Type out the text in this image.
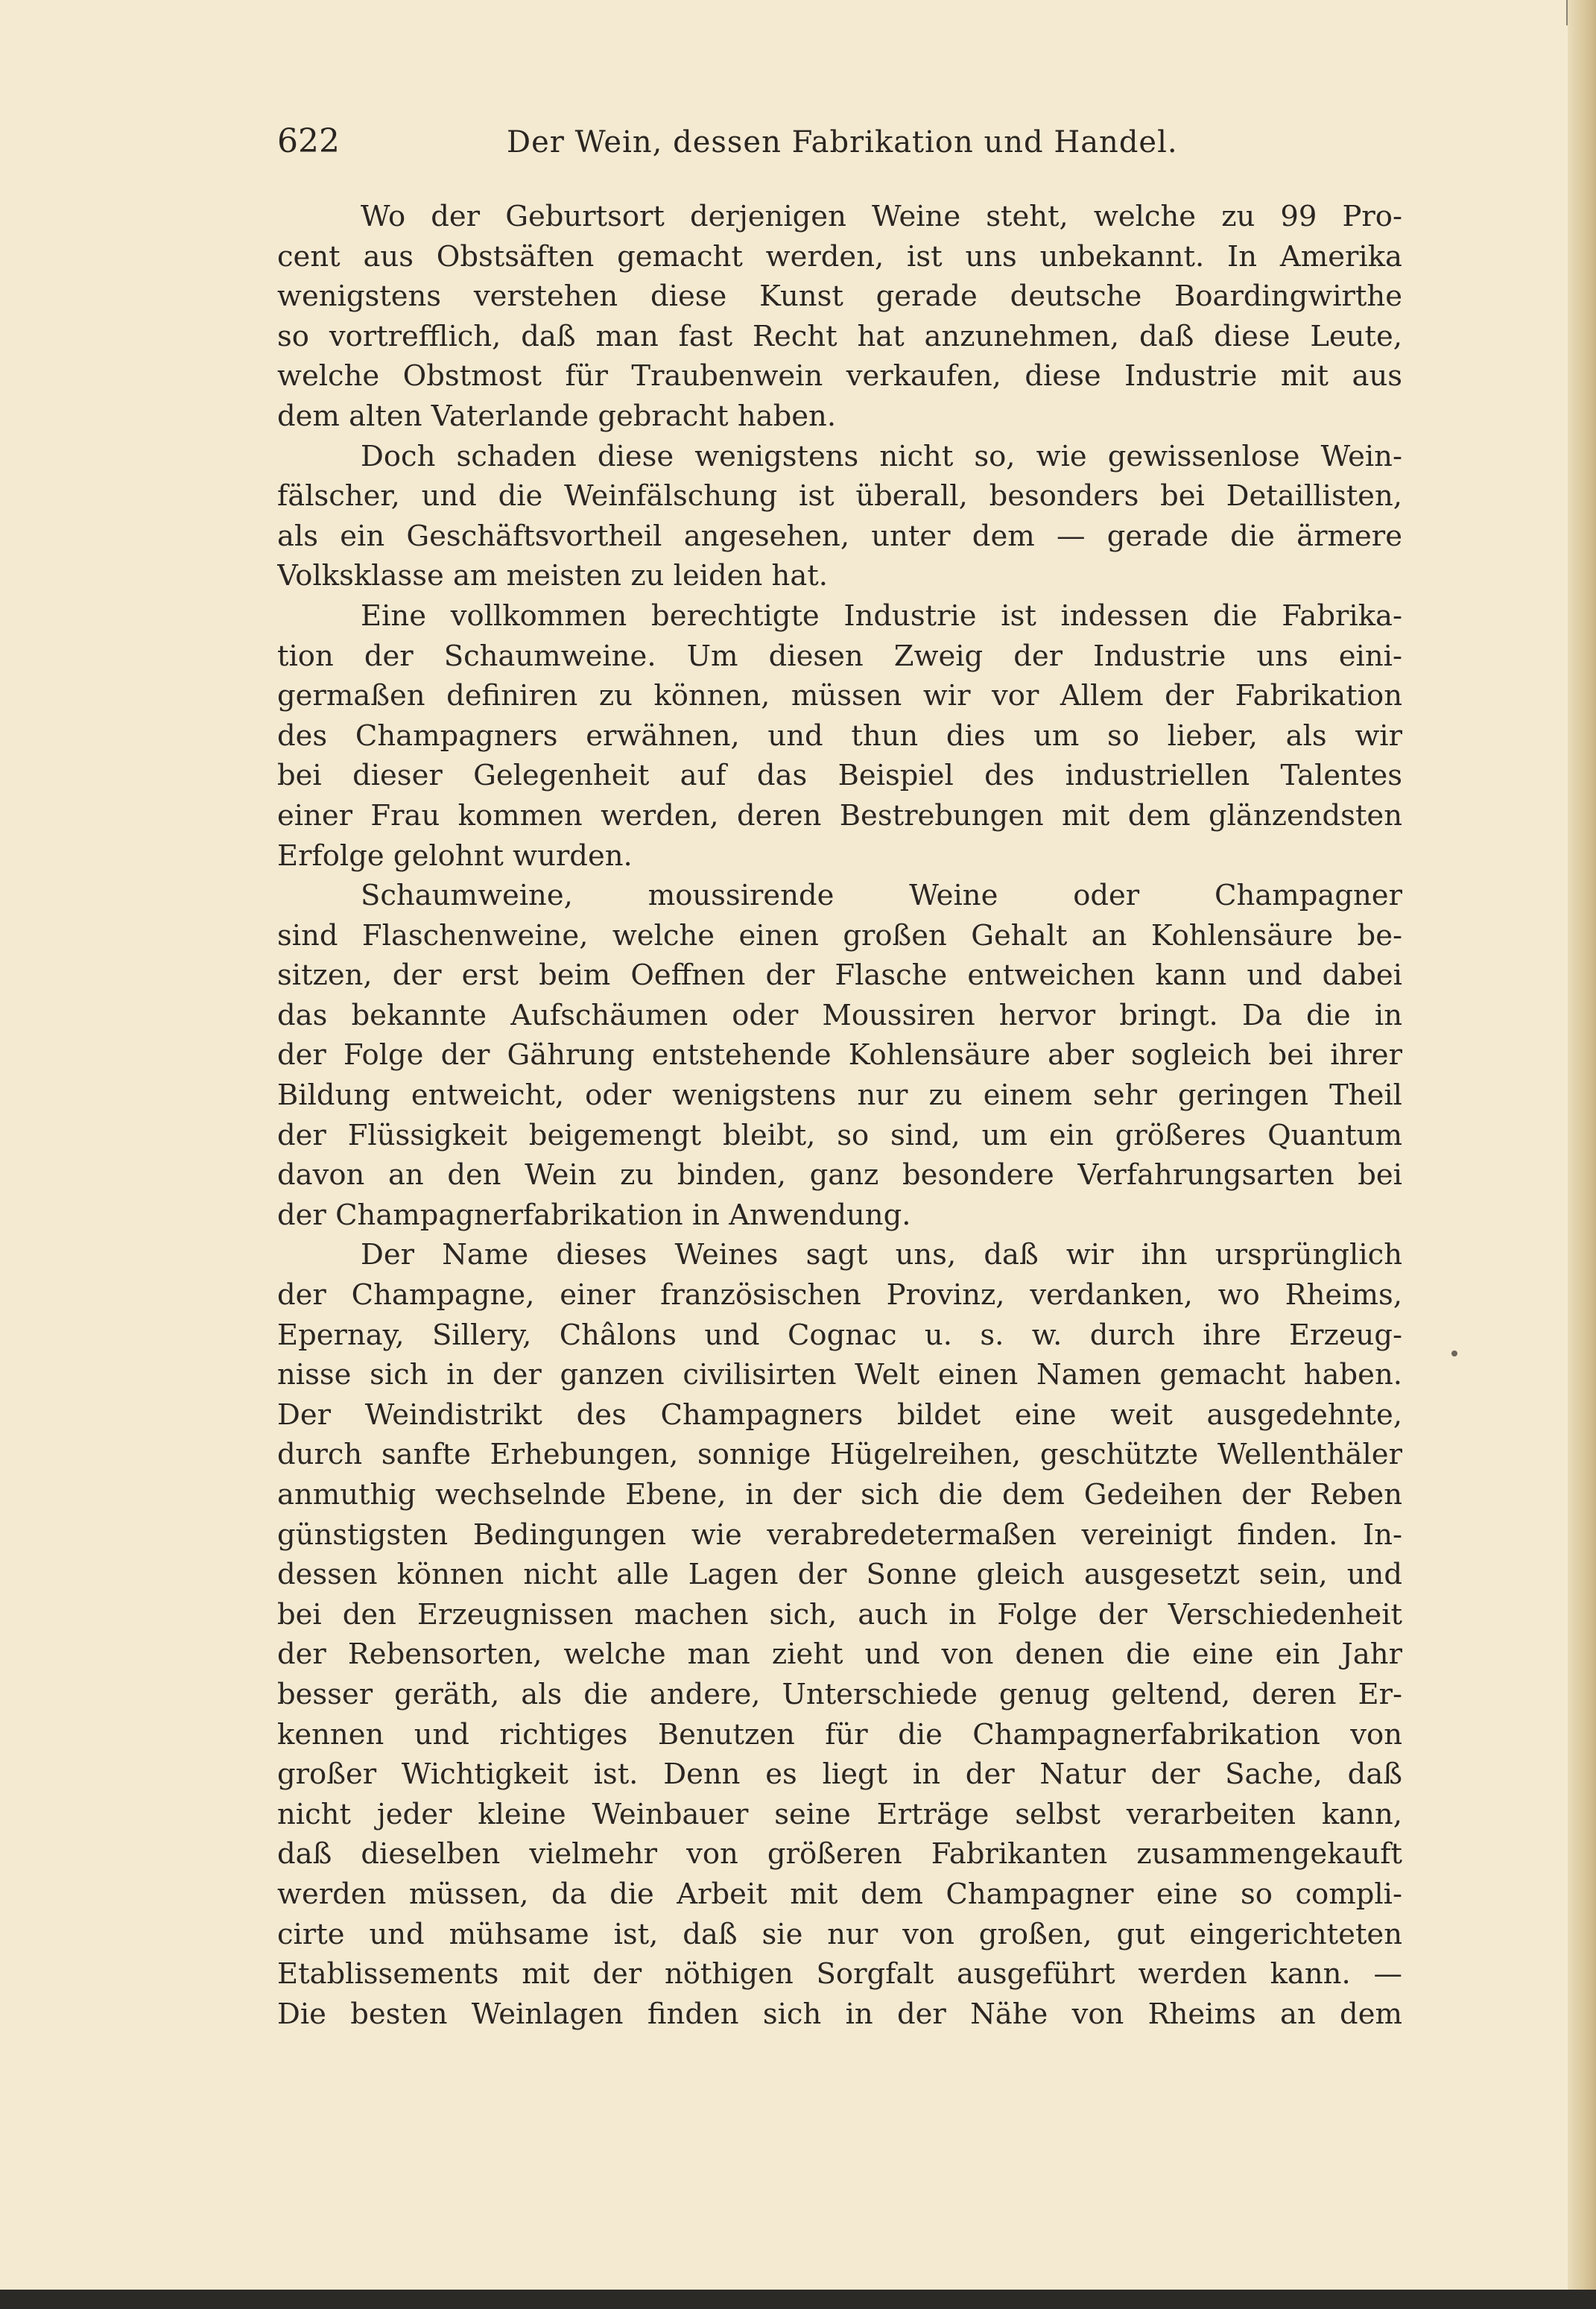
622	Der Wein, dessen Fabrikation und Handel.
Wo der Geburtsort derjenigen Weine steht, welche zu 99 Pro-
cent aus Obstsäften gemacht werden, ist uns unbekannt. In Amerika
wenigstens verstehen diese Kunst gerade deutsche Boardingwirthe
so vortrefflich, daß man fast Recht hat anzunehmen, daß diese Leute,
welche Obstmost für Traubenwein verkaufen, diese Industrie mit aus
dem alten Vaterlande gebracht haben.
Doch schaden diese wenigstens nicht so, wie gewissenlose Wein-
fälscher, und die Weinfälschung ist überall, besonders bei Detaillisten,
als ein Geschäftsvortheil angesehen, unter dem — gerade die ärmere
Volksklasse am meisten zu leiden hat.
Eine vollkommen berechtigte Industrie ist indessen die Fabrika-
tion der Schaumweine. Um diesen Zweig der Industrie uns eini-
germaßen definiren zu können, müssen wir vor Allem der Fabrikation
des Champagners erwähnen, und thun dies um so lieber, als wir
bei dieser Gelegenheit auf das Beispiel des industriellen Talentes
einer Frau kommen werden, deren Bestrebungen mit dem glänzendsten
Erfolge gelohnt wurden.
Schaumweine, moussirende Weine oder Champagner
sind Flaschenweine, welche einen großen Gehalt an Kohlensäure be-
sitzen, der erst beim Oeffnen der Flasche entweichen kann und dabei
das bekannte Aufschäumen oder Moussiren hervor bringt. Da die in
der Folge der Gährung entstehende Kohlensäure aber sogleich bei ihrer
Bildung entweicht, oder wenigstens nur zu einem sehr geringen Theil
der Flüssigkeit beigemengt bleibt, so sind, um ein größeres Quantum
davon an den Wein zu binden, ganz besondere Verfahrungsarten bei
der Champagnerfabrikation in Anwendung.
Der Name dieses Weines sagt uns, daß wir ihn ursprünglich
der Champagne, einer französischen Provinz, verdanken, wo Rheims,
Epernay, Sillery, Châlons und Cognac u. s. w. durch ihre Erzeug-
nisse sich in der ganzen civilisirten Welt einen Namen gemacht haben.
Der Weindistrikt des Champagners bildet eine weit ausgedehnte,
durch sanfte Erhebungen, sonnige Hügelreihen, geschützte Wellenthäler
anmuthig wechselnde Ebene, in der sich die dem Gedeihen der Reben
günstigsten Bedingungen wie verabredetermaßen vereinigt finden. In-
dessen können nicht alle Lagen der Sonne gleich ausgesetzt sein, und
bei den Erzeugnissen machen sich, auch in Folge der Verschiedenheit
der Rebensorten, welche man zieht und von denen die eine ein Jahr
besser geräth, als die andere, Unterschiede genug geltend, deren Er-
kennen und richtiges Benutzen für die Champagnerfabrikation von
großer Wichtigkeit ist. Denn es liegt in der Natur der Sache, daß
nicht jeder kleine Weinbauer seine Erträge selbst verarbeiten kann,
daß dieselben vielmehr von größeren Fabrikanten zusammengekauft
werden müssen, da die Arbeit mit dem Champagner eine so compli-
cirte und mühsame ist, daß sie nur von großen, gut eingerichteten
Etablissements mit der nöthigen Sorgfalt ausgeführt werden kann. —
Die besten Weinlagen finden sich in der Nähe von Rheims an dem
